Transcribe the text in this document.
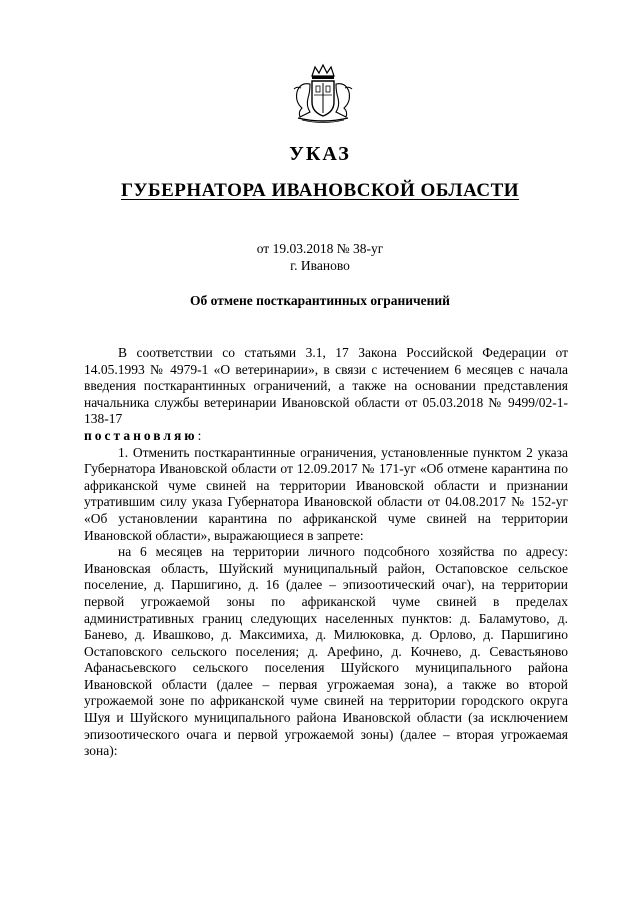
УКАЗ
ГУБЕРНАТОРА ИВАНОВСКОЙ ОБЛАСТИ
от 19.03.2018 № 38-уг
г. Иваново
Об отмене посткарантинных ограничений

В соответствии со статьями 3.1, 17 Закона Российской Федерации от 14.05.1993 № 4979-1 «О ветеринарии», в связи с истечением 6 месяцев с начала введения посткарантинных ограничений, а также на основании представления начальника службы ветеринарии Ивановской области от 05.03.2018 № 9499/02-1-138-17

постановляю:

1. Отменить посткарантинные ограничения, установленные пунктом 2 указа Губернатора Ивановской области от 12.09.2017 № 171-уг «Об отмене карантина по африканской чуме свиней на территории Ивановской области и признании утратившим силу указа Губернатора Ивановской области от 04.08.2017 № 152-уг «Об установлении карантина по африканской чуме свиней на территории Ивановской области», выражающиеся в запрете:

на 6 месяцев на территории личного подсобного хозяйства по адресу: Ивановская область, Шуйский муниципальный район, Остаповское сельское поселение, д. Паршигино, д. 16 (далее – эпизоотический очаг), на территории первой угрожаемой зоны по африканской чуме свиней в пределах административных границ следующих населенных пунктов: д. Баламутово, д. Банево, д. Ивашково, д. Максимиха, д. Милюковка, д. Орлово, д. Паршигино Остаповского сельского поселения; д. Арефино, д. Кочнево, д. Севастьяново Афанасьевского сельского поселения Шуйского муниципального района Ивановской области (далее – первая угрожаемая зона), а также во второй угрожаемой зоне по африканской чуме свиней на территории городского округа Шуя и Шуйского муниципального района Ивановской области (за исключением эпизоотического очага и первой угрожаемой зоны) (далее – вторая угрожаемая зона):
